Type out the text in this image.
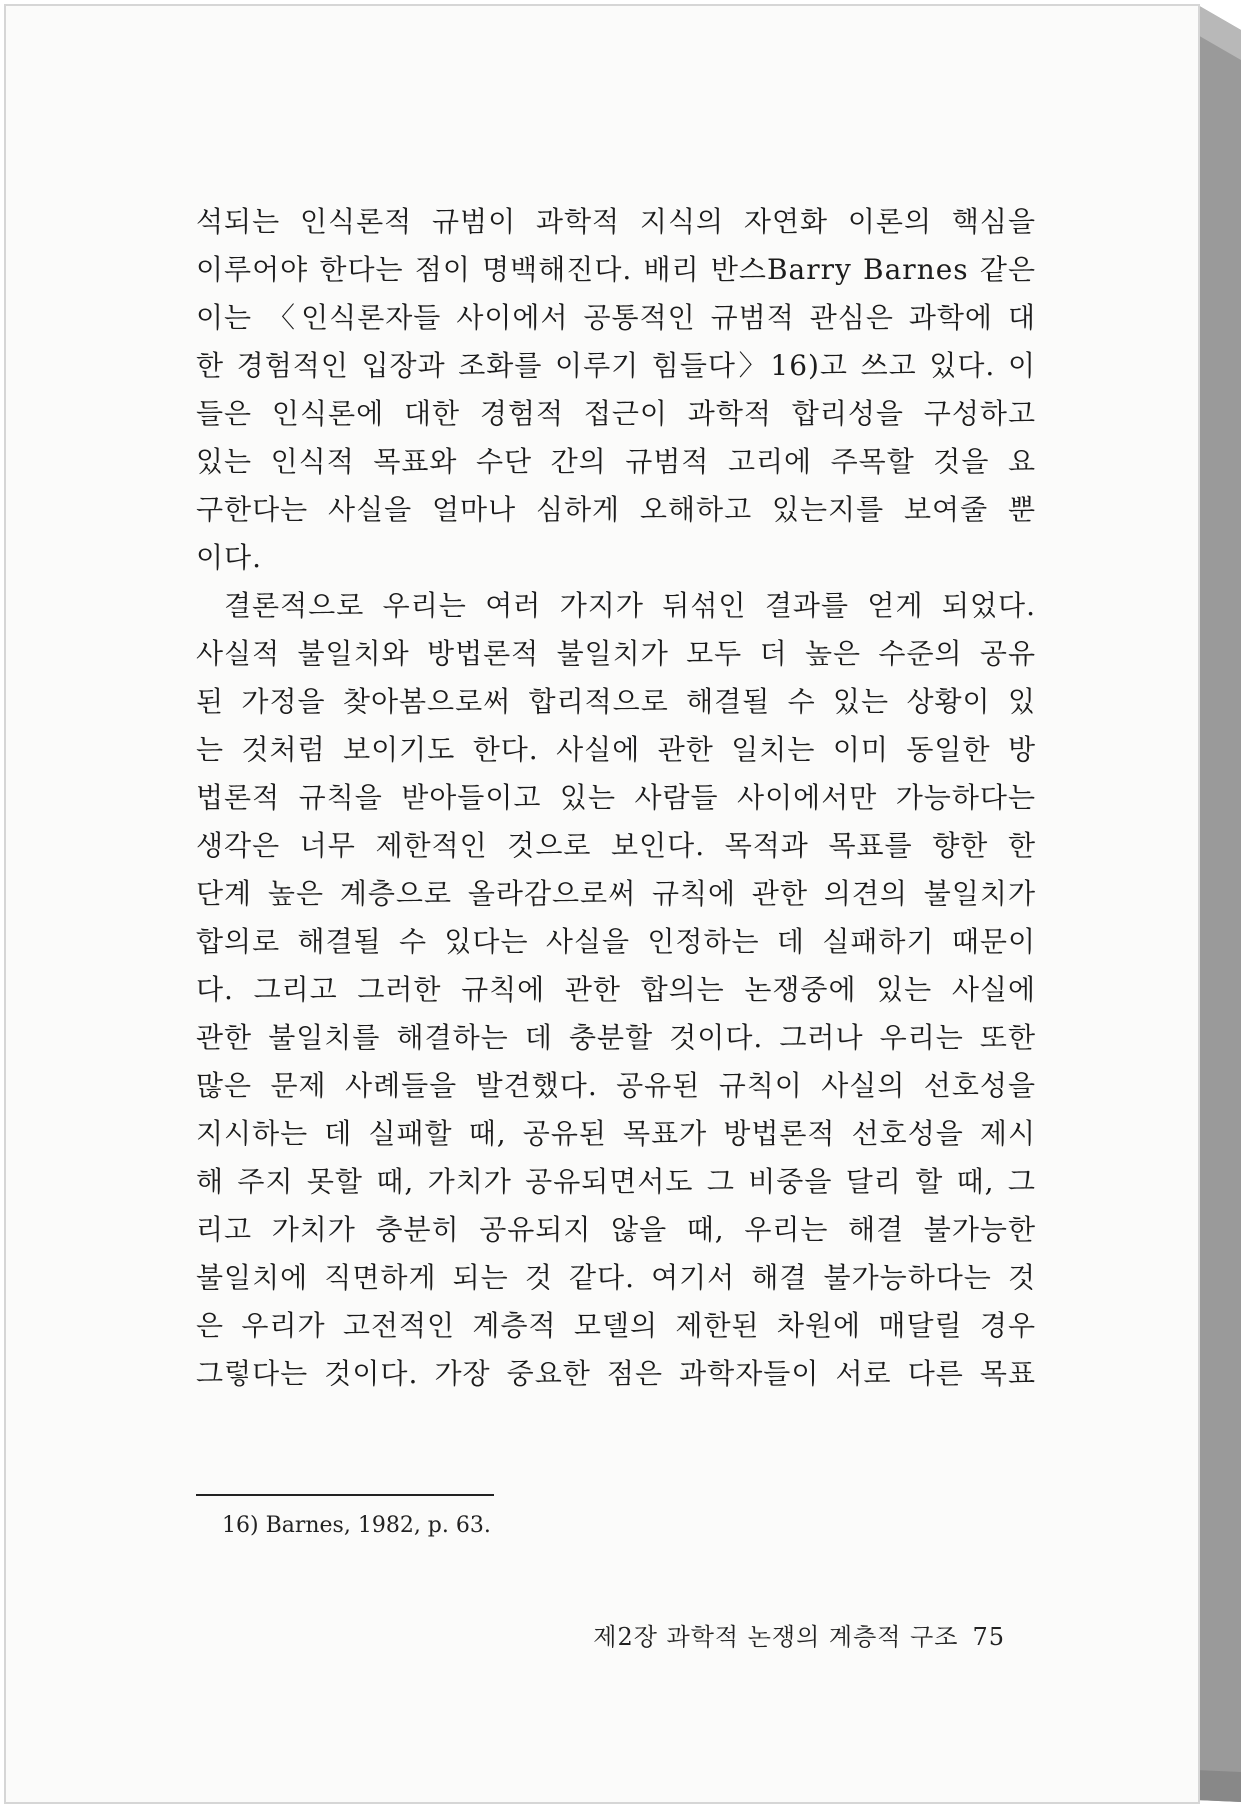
석되는 인식론적 규범이 과학적 지식의 자연화 이론의 핵심을
이루어야 한다는 점이 명백해진다. 배리 반스Barry Barnes 같은
이는 〈인식론자들 사이에서 공통적인 규범적 관심은 과학에 대
한 경험적인 입장과 조화를 이루기 힘들다〉16)고 쓰고 있다. 이
들은 인식론에 대한 경험적 접근이 과학적 합리성을 구성하고
있는 인식적 목표와 수단 간의 규범적 고리에 주목할 것을 요
구한다는 사실을 얼마나 심하게 오해하고 있는지를 보여줄 뿐
이다.
결론적으로 우리는 여러 가지가 뒤섞인 결과를 얻게 되었다.
사실적 불일치와 방법론적 불일치가 모두 더 높은 수준의 공유
된 가정을 찾아봄으로써 합리적으로 해결될 수 있는 상황이 있
는 것처럼 보이기도 한다. 사실에 관한 일치는 이미 동일한 방
법론적 규칙을 받아들이고 있는 사람들 사이에서만 가능하다는
생각은 너무 제한적인 것으로 보인다. 목적과 목표를 향한 한
단계 높은 계층으로 올라감으로써 규칙에 관한 의견의 불일치가
합의로 해결될 수 있다는 사실을 인정하는 데 실패하기 때문이
다. 그리고 그러한 규칙에 관한 합의는 논쟁중에 있는 사실에
관한 불일치를 해결하는 데 충분할 것이다. 그러나 우리는 또한
많은 문제 사례들을 발견했다. 공유된 규칙이 사실의 선호성을
지시하는 데 실패할 때, 공유된 목표가 방법론적 선호성을 제시
해 주지 못할 때, 가치가 공유되면서도 그 비중을 달리 할 때, 그
리고 가치가 충분히 공유되지 않을 때, 우리는 해결 불가능한
불일치에 직면하게 되는 것 같다. 여기서 해결 불가능하다는 것
은 우리가 고전적인 계층적 모델의 제한된 차원에 매달릴 경우
그렇다는 것이다. 가장 중요한 점은 과학자들이 서로 다른 목표
16) Barnes, 1982, p. 63.
제2장 과학적 논쟁의 계층적 구조 75
